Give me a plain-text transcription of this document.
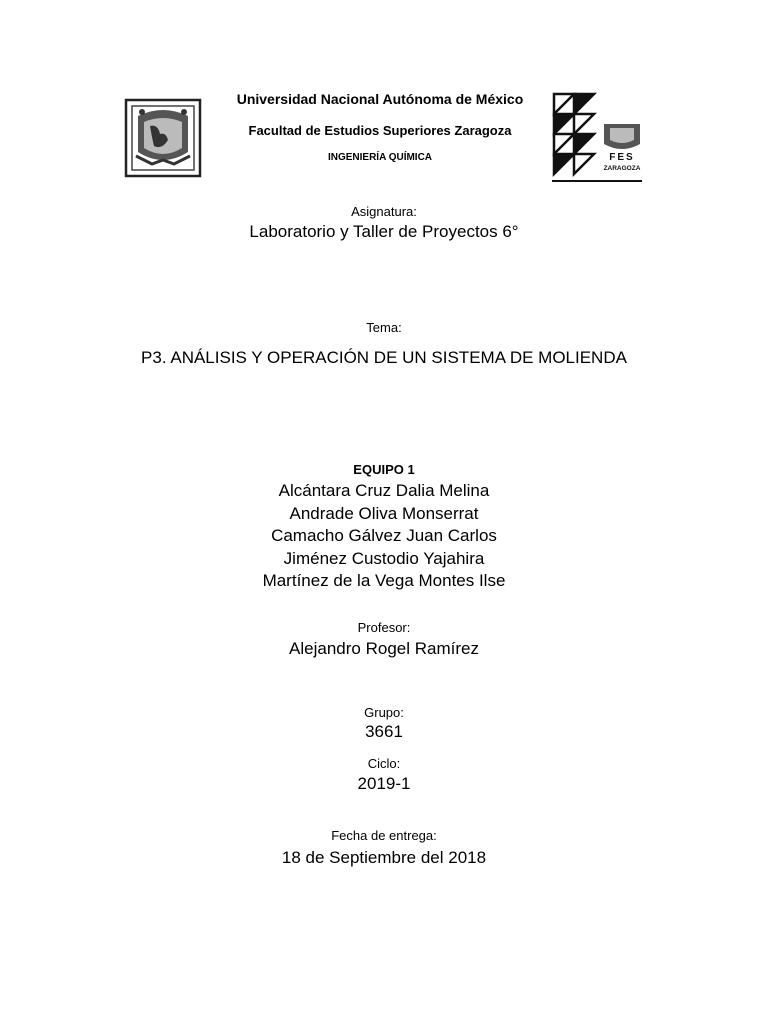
Universidad Nacional Autónoma de México
Facultad de Estudios Superiores Zaragoza
INGENIERÍA QUÍMICA	FES
ZARAGOZA
Asignatura:
Laboratorio y Taller de Proyectos 6°
Tema:
P3. ANÁLISIS Y OPERACIÓN DE UN SISTEMA DE MOLIENDA
EQUIPO 1
Alcántara Cruz Dalia Melina
Andrade Oliva Monserrat
Camacho Gálvez Juan Carlos
Jiménez Custodio Yajahira
Martínez de la Vega Montes Ilse
Profesor:
Alejandro Rogel Ramírez
Grupo:
3661
Ciclo:
2019-1
Fecha de entrega:
18 de Septiembre del 2018
